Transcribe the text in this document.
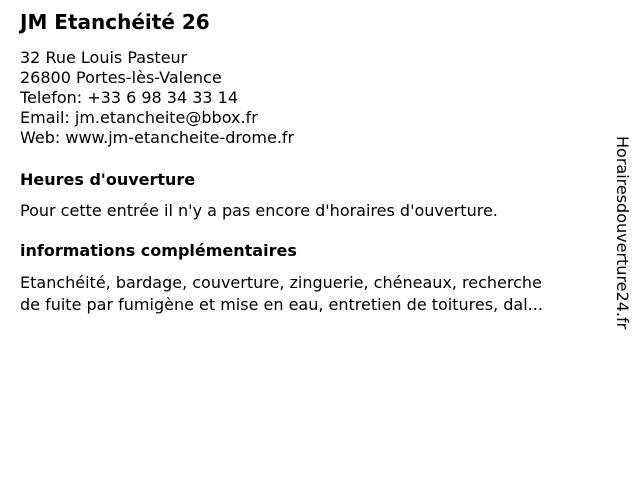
JM Etanchéité 26
32 Rue Louis Pasteur
26800 Portes-lès-Valence
Telefon: +33 6 98 34 33 14
Email: jm.etancheite@bbox.fr
Web: www.jm-etancheite-drome.fr
Heures d'ouverture
Pour cette entrée il n'y a pas encore d'horaires d'ouverture.
informations complémentaires
Etanchéité, bardage, couverture, zinguerie, chéneaux, recherche
de fuite par fumigène et mise en eau, entretien de toitures, dal...	Horairesdouverture24.fr
